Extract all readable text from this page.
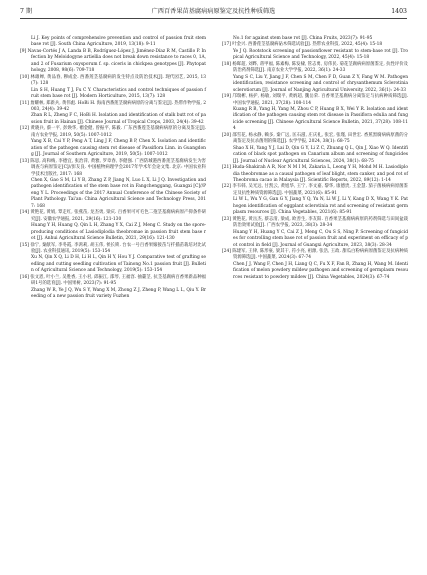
7 期	广西百香果苗基腐病病原鉴定及抗性种质筛选	1403
Li J. Key points of comprehensive prevention and control of passion fruit stem base rot [J]. South China Agriculture, 2019, 13(18): 9-11
[9] Navas-Cortés J A, Landa B B, Rodríguez-López J, Jiménez-Díaz R M, Castillo P. Infection by Meloidogyne artiellia does not break down resistance to races 0, 1A, and 2 of Fusarium oxysporum f. sp. ciceris in chickpea genotypes [J]. Phytopathology, 2008, 98(6): 709-718
[10] 林雄婵, 黄品春, 穆成金. 西番莲茎基腐病的发生特点及防治技术[J]. 现代园艺, 2015, 13(7): 128
Lin S H, Huang T J, Fu C Y. Characteristics and control techniques of passion fruit stem base rot [J]. Modern Horticulture, 2015, 13(7): 128
[11] 詹耀林, 郑新兵, 黄伟彪. HoBi H. 海南西番莲茎腐病病原的分离与鉴定[J]. 热带作物学报, 2003, 24(4): 39-42
Zhan R L, Zheng F C, HoBi H. Isolation and identification of stalk butt rot of passion fruit in Hainan [J]. Chinese Journal of Tropical Crops, 2003, 24(4): 39-42
[12] 黄晓兵, 蔡一平, 彭焕华, 禤金健, 曾振平, 陈毅. 广东西番莲茎基腐病病原的分离及鉴定[J]. 南方农业学报, 2019, 50(5): 1007-1012
Yang X B, Cai Y P, Peng A T, Ling J F, Cheng B P, Chen X. Isolation and identification of the pathogen causing stem rot disease of Passiflora Linn. in Guangdong [J]. Journal of Southern Agriculture, 2019, 50(5): 1007-1012
[13] 陈思, 高和梅, 李德宜, 张治萍, 黄雅, 罗章春, 李健强. 广西防城港西番莲茎基腐病发生为害调查与病原鉴定[C]//彭友良. 中国植物病理学会2017年学术年会论文集. 北京: 中国农业科学技术出版社, 2017: 168
Chen X, Gao S M, Li Y B, Zhang Z P, Jiang N, Luo L X, Li J Q. Investigation and pathogen identification of the stem base rot in Fangchenggang, Guangxi [C]//Peng Y L. Proceedings of the 2017 Annual Conference of the Chinese Society of Plant Pathology. Tai'an: China Agricultural Science and Technology Press, 2017: 168
[14] 黄艳花, 黄娟, 覃走红, 张燕苗, 龙杰勇, 梁庆. 百香果可可毛色二孢茎基腐病病原产抑条件研究[J]. 安徽农学通报, 2021, 29(16): 121-130
Huang Y H, Huang Q, Qin L H, Zhang Y X, Cai Z J, Meng C. Study on the spore-producing conditions of Lasiodiplodia theobromae in passion fruit stem base rot [J]. Anhui Agricultural Science Bulletin, 2021, 29(16): 121-130
[15] 徐宁, 秦献军, 李冬霞, 李鸿莉, 胡玉伟, 侯长锁. 台农一号百香果嫁接苗与扦插苗栽培对比试验[J]. 农业科技通讯, 2019(5): 153-154
Xu N, Qin X Q, Li D H, Li H L, Qin H Y, Hou Y J. Comparative test of grafting seedling and cutting seedling cultivation of Tainong No.1 passion fruit [J]. Bulletin of Agricultural Science and Technology, 2019(5): 153-154
[16] 张文恩, 叶小兰, 吴胜香, 王小君, 邱振江, 邵琴, 王福容. 抽薹茎, 抗茎基腐病百香果新品种福研1号的选育[J]. 中国果树, 2023(7): 91-95
Zhang W R, Ye J Q, Wu S Y, Wang X M, Zhong Z J, Zheng P, Wang L L, Qiu Y. Breeding of a new passion fruit variety Fuzhen
No.1 for against stem base rot [J]. China Fruits, 2023(7): 91-95
[17] 叶金兴. 西番莲茎基腐病砧木筛选试验[J]. 热带农业科技, 2022, 45(4): 15-18
Ye J Q. Rootstock screening of passionflower resistant to stem-base rot [J]. Tropical Agricultural Science and Technology, 2022, 45(4): 15-18
[18] 杨晖超, 刘晔, 蒋甲福, 陈素梅, 陈发棣, 管志勇, 房伟民. 菊花茎腐病病原菌鉴定, 抗性评价及防治药剂筛选[J]. 南京农业大学学报, 2022, 36(1): 24-33
Yang S C, Liu Y, Jiang J F, Chen S M, Chen F D, Guan Z Y, Fang W M. Pathogen identification, resistance screening and control of chrysanthemum Sclerotinia sclerotiorum [J]. Journal of Nanjing Agricultural University, 2022, 36(1): 24-33
[19] 邝瑞彬, 杨护, 杨敏, 刘瑞平, 黄炳超, 魏岳荣. 百香果茎基腐病分离鉴定与抗病种质筛选[J]. 中国农学通报, 2021, 37(28): 108-114
Kuang R B, Yang H, Yang M, Zhou C P, Huang B X, Wei Y R. Isolation and identification of the pathogen causing stem rot disease in Passiflora edulia and fungicide screening [J]. Chinese Agricultural Science Bulletin, 2021, 37(28): 108-114
[20] 邵雪花, 杨永静, 赖多, 秦广远, 匡石滋, 庄庆礼, 张宏, 张瑾, 田世宏. 香蕉黑腐病病原菌的分离鉴定及抗杀菌剂的筛选[J]. 农学学报, 2024, 38(1): 68-75
Shao X H, Yang Y J, Lai D, Qin G Y, Li Z C, Zhuang Q L, Qin J, Xiao W Q. Identification of black spot pathogen on Canarium album and screening of fungicides [J]. Journal of Nuclear Agricultural Sciences, 2024, 38(1): 68-75
[21] Huda-Shakirah A R, Nor N M I M, Zakaria L, Leong Y H, Mohd M H. Lasiodiplodia theobromae as a causal pathogen of leaf blight, stem canker, and pod rot of Theobroma cacao in Malaysia [J]. Scientific Reports, 2022, 89(12): 1-14
[22] 李韦韩, 吴光远, 甘凯云, 黄旭华, 王宁, 李文嘉, 黎华, 康德贵, 王金慧. 茄子菌核病病原菌鉴定及抗性种质资源筛选[J]. 中国蔬菜, 2021(6): 85-91
Li W L, Wu Y G, Gan G Y, Jiang Y Q, Yu N, Li W J, Li Y, Kang D X, Wang Y K. Pathogen identification of eggplant sclerotinia rot and screening of resistant germplasm resources [J]. China Vegetables, 2021(6): 85-91
[23] 黄艳花, 黄岳杰, 蔡志清, 梁成, 欧善生, 李友阳. 百香果茎基腐病病原的药剂筛选与田间盆栽防治效果试验[J]. 广西农学报, 2023, 38(3): 28-34
Huang Y H, Huang Y C, Cai Z J, Meng C, Ou S S, Ning P. Screening of fungicides for controlling stem base rot of passion fruit and experiment on efficacy of pot control in field [J]. Journal of Guangxi Agriculture, 2023, 38(3): 28-34
[24] 陈建军, 王律, 陈形豪, 梁其干, 符小亮, 祖源, 张浩, 王政. 甜瓜白粉病病原菌鉴定及抗病种质资源筛选[J]. 中国蔬菜, 2024(3): 67-74
Chen J J, Wang F, Chen J H, Liang Q C, Fu X F, Fan R, Zhang H, Wang M. Identification of melon powdery mildew pathogen and screening of germplasm resources resistant to powdery mildew [J]. China Vegetables, 2024(3): 67-74
